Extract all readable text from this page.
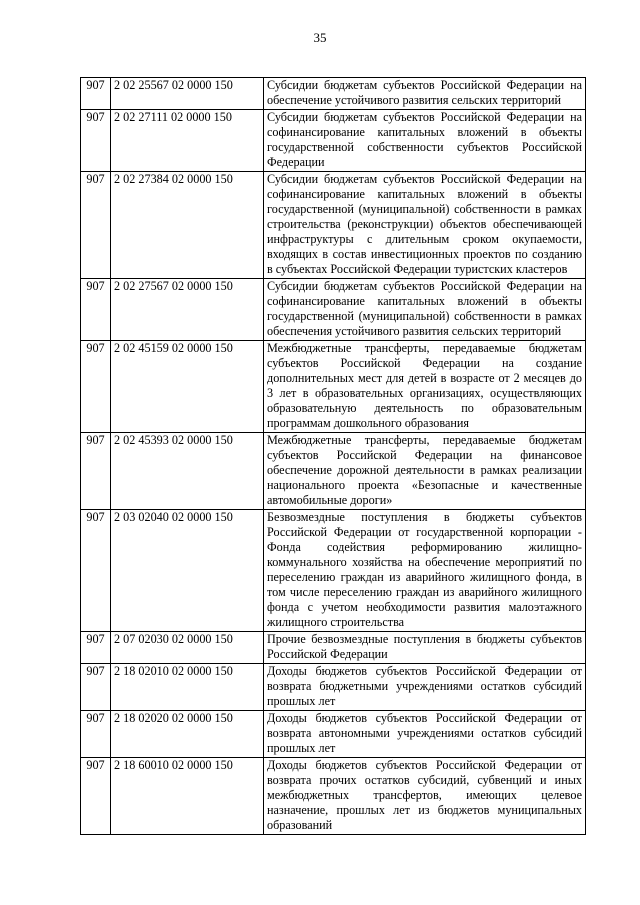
35
907	2 02 25567 02 0000 150	Субсидии бюджетам субъектов Российской Федерации на обеспечение устойчивого развития сельских территорий
907	2 02 27111 02 0000 150	Субсидии бюджетам субъектов Российской Федерации на софинансирование капитальных вложений в объекты государственной собственности субъектов Российской Федерации
907	2 02 27384 02 0000 150	Субсидии бюджетам субъектов Российской Федерации на софинансирование капитальных вложений в объекты государственной (муниципальной) собственности в рамках строительства (реконструкции) объектов обеспечивающей инфраструктуры с длительным сроком окупаемости, входящих в состав инвестиционных проектов по созданию в субъектах Российской Федерации туристских кластеров
907	2 02 27567 02 0000 150	Субсидии бюджетам субъектов Российской Федерации на софинансирование капитальных вложений в объекты государственной (муниципальной) собственности в рамках обеспечения устойчивого развития сельских территорий
907	2 02 45159 02 0000 150	Межбюджетные трансферты, передаваемые бюджетам субъектов Российской Федерации на создание дополнительных мест для детей в возрасте от 2 месяцев до 3 лет в образовательных организациях, осуществляющих образовательную деятельность по образовательным программам дошкольного образования
907	2 02 45393 02 0000 150	Межбюджетные трансферты, передаваемые бюджетам субъектов Российской Федерации на финансовое обеспечение дорожной деятельности в рамках реализации национального проекта «Безопасные и качественные автомобильные дороги»
907	2 03 02040 02 0000 150	Безвозмездные поступления в бюджеты субъектов Российской Федерации от государственной корпорации - Фонда содействия реформированию жилищно-коммунального хозяйства на обеспечение мероприятий по переселению граждан из аварийного жилищного фонда, в том числе переселению граждан из аварийного жилищного фонда с учетом необходимости развития малоэтажного жилищного строительства
907	2 07 02030 02 0000 150	Прочие безвозмездные поступления в бюджеты субъектов Российской Федерации
907	2 18 02010 02 0000 150	Доходы бюджетов субъектов Российской Федерации от возврата бюджетными учреждениями остатков субсидий прошлых лет
907	2 18 02020 02 0000 150	Доходы бюджетов субъектов Российской Федерации от возврата автономными учреждениями остатков субсидий прошлых лет
907	2 18 60010 02 0000 150	Доходы бюджетов субъектов Российской Федерации от возврата прочих остатков субсидий, субвенций и иных межбюджетных трансфертов, имеющих целевое назначение, прошлых лет из бюджетов муниципальных образований
